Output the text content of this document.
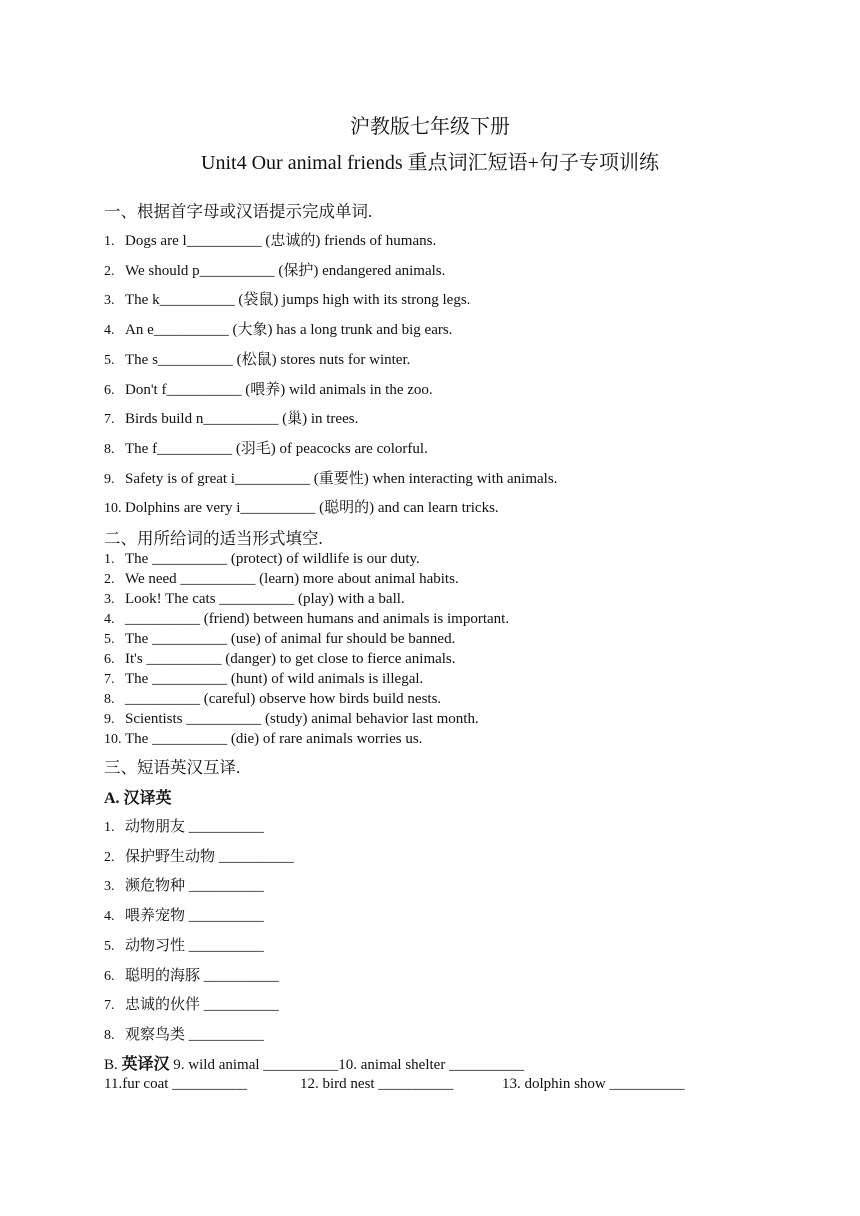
沪教版七年级下册
Unit4 Our animal friends 重点词汇短语+句子专项训练
一、根据首字母或汉语提示完成单词.
1. Dogs are l__________ (忠诚的) friends of humans.
2. We should p__________ (保护) endangered animals.
3. The k__________ (袋鼠) jumps high with its strong legs.
4. An e__________ (大象) has a long trunk and big ears.
5. The s__________ (松鼠) stores nuts for winter.
6. Don't f__________ (喂养) wild animals in the zoo.
7. Birds build n__________ (巢) in trees.
8. The f__________ (羽毛) of peacocks are colorful.
9. Safety is of great i__________ (重要性) when interacting with animals.
10. Dolphins are very i__________ (聪明的) and can learn tricks.
二、用所给词的适当形式填空.
1. The __________ (protect) of wildlife is our duty.
2. We need __________ (learn) more about animal habits.
3. Look! The cats __________ (play) with a ball.
4. __________ (friend) between humans and animals is important.
5. The __________ (use) of animal fur should be banned.
6. It's __________ (danger) to get close to fierce animals.
7. The __________ (hunt) of wild animals is illegal.
8. __________ (careful) observe how birds build nests.
9. Scientists __________ (study) animal behavior last month.
10. The __________ (die) of rare animals worries us.
三、短语英汉互译.
A. 汉译英
1. 动物朋友 __________
2. 保护野生动物 __________
3. 濒危物种 __________
4. 喂养宠物 __________
5. 动物习性 __________
6. 聪明的海豚 __________
7. 忠诚的伙伴 __________
8. 观察鸟类 __________
B. 英译汉 9. wild animal __________10. animal shelter __________
11.fur coat __________	12. bird nest __________	13. dolphin show __________
